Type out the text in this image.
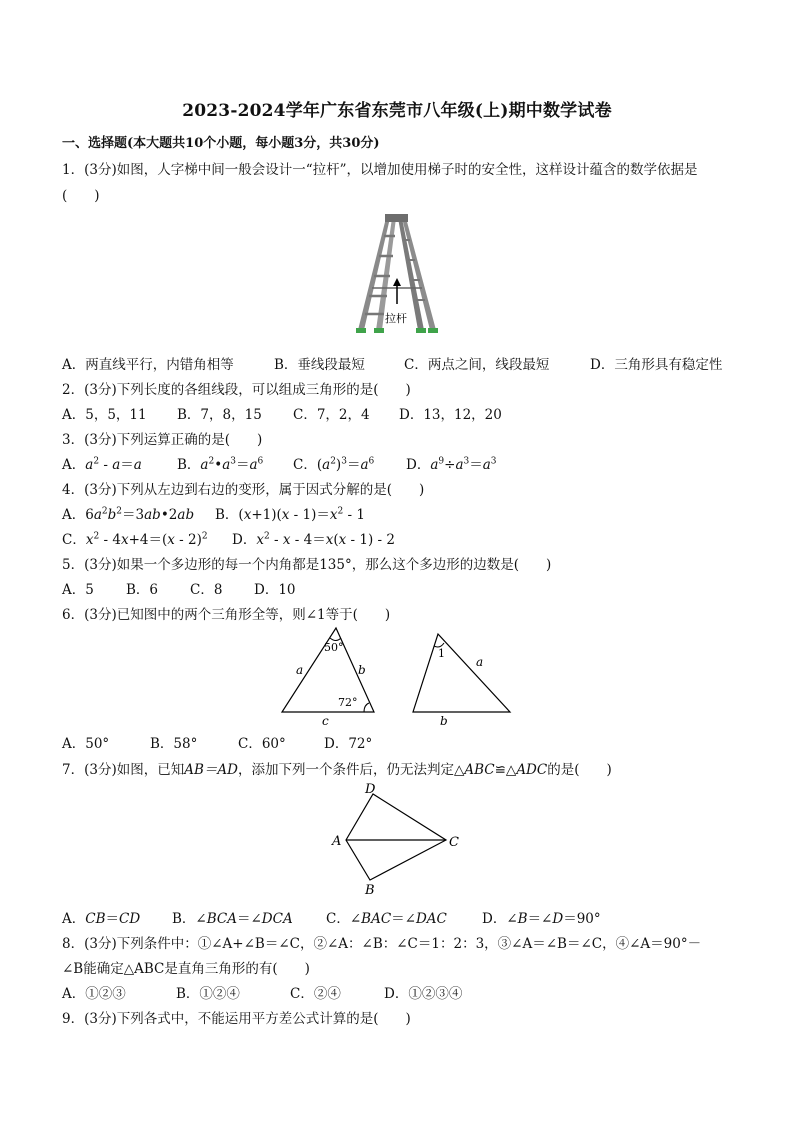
2023-2024学年广东省东莞市八年级(上)期中数学试卷
一、选择题(本大题共10个小题，每小题3分，共30分)
1．(3分)如图，人字梯中间一般会设计一“拉杆”，以增加使用梯子时的安全性，这样设计蕴含的数学依据是
(　　)
拉杆
A．两直线平行，内错角相等	B．垂线段最短	C．两点之间，线段最短	D．三角形具有稳定性
2．(3分)下列长度的各组线段，可以组成三角形的是(　　)
A．5，5，11 B．7，8，15 C．7，2，4 D．13，12，20
3．(3分)下列运算正确的是(　　)
A．$a^2 - a=a$	B．$a^2•a^3=a^6$ C．$(a^2)^3=a^6$ D．$a^9\div a^3=a^3$
4．(3分)下列从左边到右边的变形，属于因式分解的是(　　)
A．$6a^2b^2=3ab•2ab$ B．$(x+1)(x - 1)=x^2 - 1$
C．$x^2 - 4x+4=(x - 2)^2$ D．$x^2 - x - 4=x(x - 1) - 2$
5．(3分)如果一个多边形的每一个内角都是135°，那么这个多边形的边数是(　　)
A．5 B．6 C．8 D．10
6．(3分)已知图中的两个三角形全等，则∠1等于(　　)
50°
a	b
72°
c
1
a
b
A．50°	B．58°	C．60°	D．72°
7．(3分)如图，已知AB＝AD，添加下列一个条件后，仍无法判定△ABC≌△ADC的是(　　)
D
A	C
B
A．CB＝CD B．∠BCA＝∠DCA C．∠BAC＝∠DAC	D．∠B＝∠D＝90°
8．(3分)下列条件中：①∠A+∠B＝∠C，②∠A：∠B：∠C＝1：2：3，③∠A＝∠B＝∠C，④∠A＝90°－
∠B能确定△ABC是直角三角形的有(　　)
A．①②③	B．①②④	C．②④	D．①②③④
9．(3分)下列各式中，不能运用平方差公式计算的是(　　)
